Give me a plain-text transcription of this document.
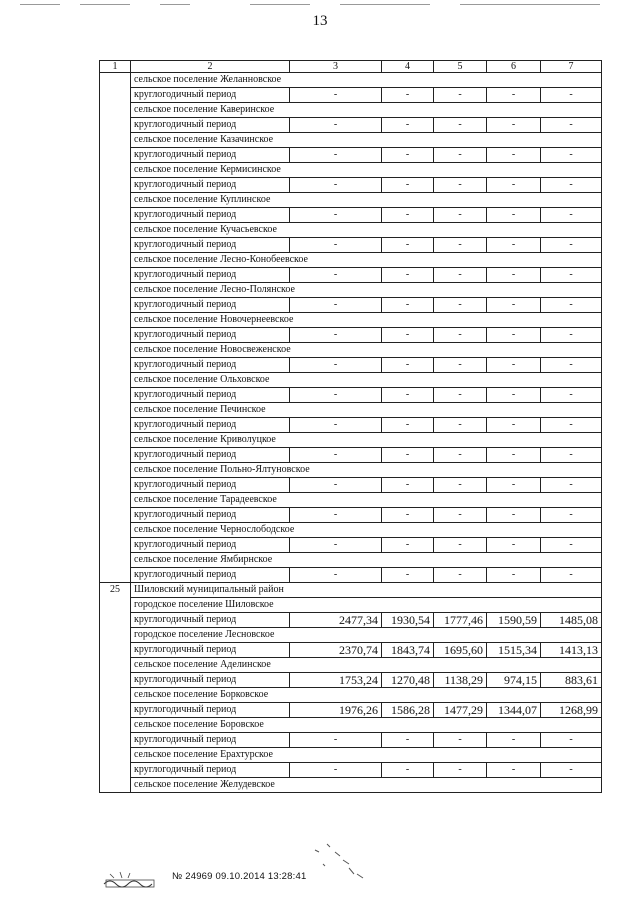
13
1	2	3	4	5	6	7
	сельское поселение Желанновское					
	круглогодичный период	-	-	-	-	-
	сельское поселение Каверинское					
	круглогодичный период	-	-	-	-	-
	сельское поселение Казачинское					
	круглогодичный период	-	-	-	-	-
	сельское поселение Кермисинское					
	круглогодичный период	-	-	-	-	-
	сельское поселение Куплинское					
	круглогодичный период	-	-	-	-	-
	сельское поселение Кучасьевское					
	круглогодичный период	-	-	-	-	-
	сельское поселение Лесно-Конобеевское					
	круглогодичный период	-	-	-	-	-
	сельское поселение Лесно-Полянское					
	круглогодичный период	-	-	-	-	-
	сельское поселение Новочернеевское					
	круглогодичный период	-	-	-	-	-
	сельское поселение Новосвеженское					
	круглогодичный период	-	-	-	-	-
	сельское поселение Ольховское					
	круглогодичный период	-	-	-	-	-
	сельское поселение Печинское					
	круглогодичный период	-	-	-	-	-
	сельское поселение Криволуцкое					
	круглогодичный период	-	-	-	-	-
	сельское поселение Польно-Ялтуновское					
	круглогодичный период	-	-	-	-	-
	сельское поселение Тарадеевское					
	круглогодичный период	-	-	-	-	-
	сельское поселение Чернослободское					
	круглогодичный период	-	-	-	-	-
	сельское поселение Ямбирнское					
	круглогодичный период	-	-	-	-	-
25	Шиловский муниципальный район					
	городское поселение Шиловское					
	круглогодичный период	2477,34	1930,54	1777,46	1590,59	1485,08
	городское поселение Лесновское					
	круглогодичный период	2370,74	1843,74	1695,60	1515,34	1413,13
	сельское поселение Аделинское					
	круглогодичный период	1753,24	1270,48	1138,29	974,15	883,61
	сельское поселение Борковское					
	круглогодичный период	1976,26	1586,28	1477,29	1344,07	1268,99
	сельское поселение Боровское					
	круглогодичный период	-	-	-	-	-
	сельское поселение Ерахтурское					
	круглогодичный период	-	-	-	-	-
	сельское поселение Желудевское					
№ 24969 09.10.2014 13:28:41
